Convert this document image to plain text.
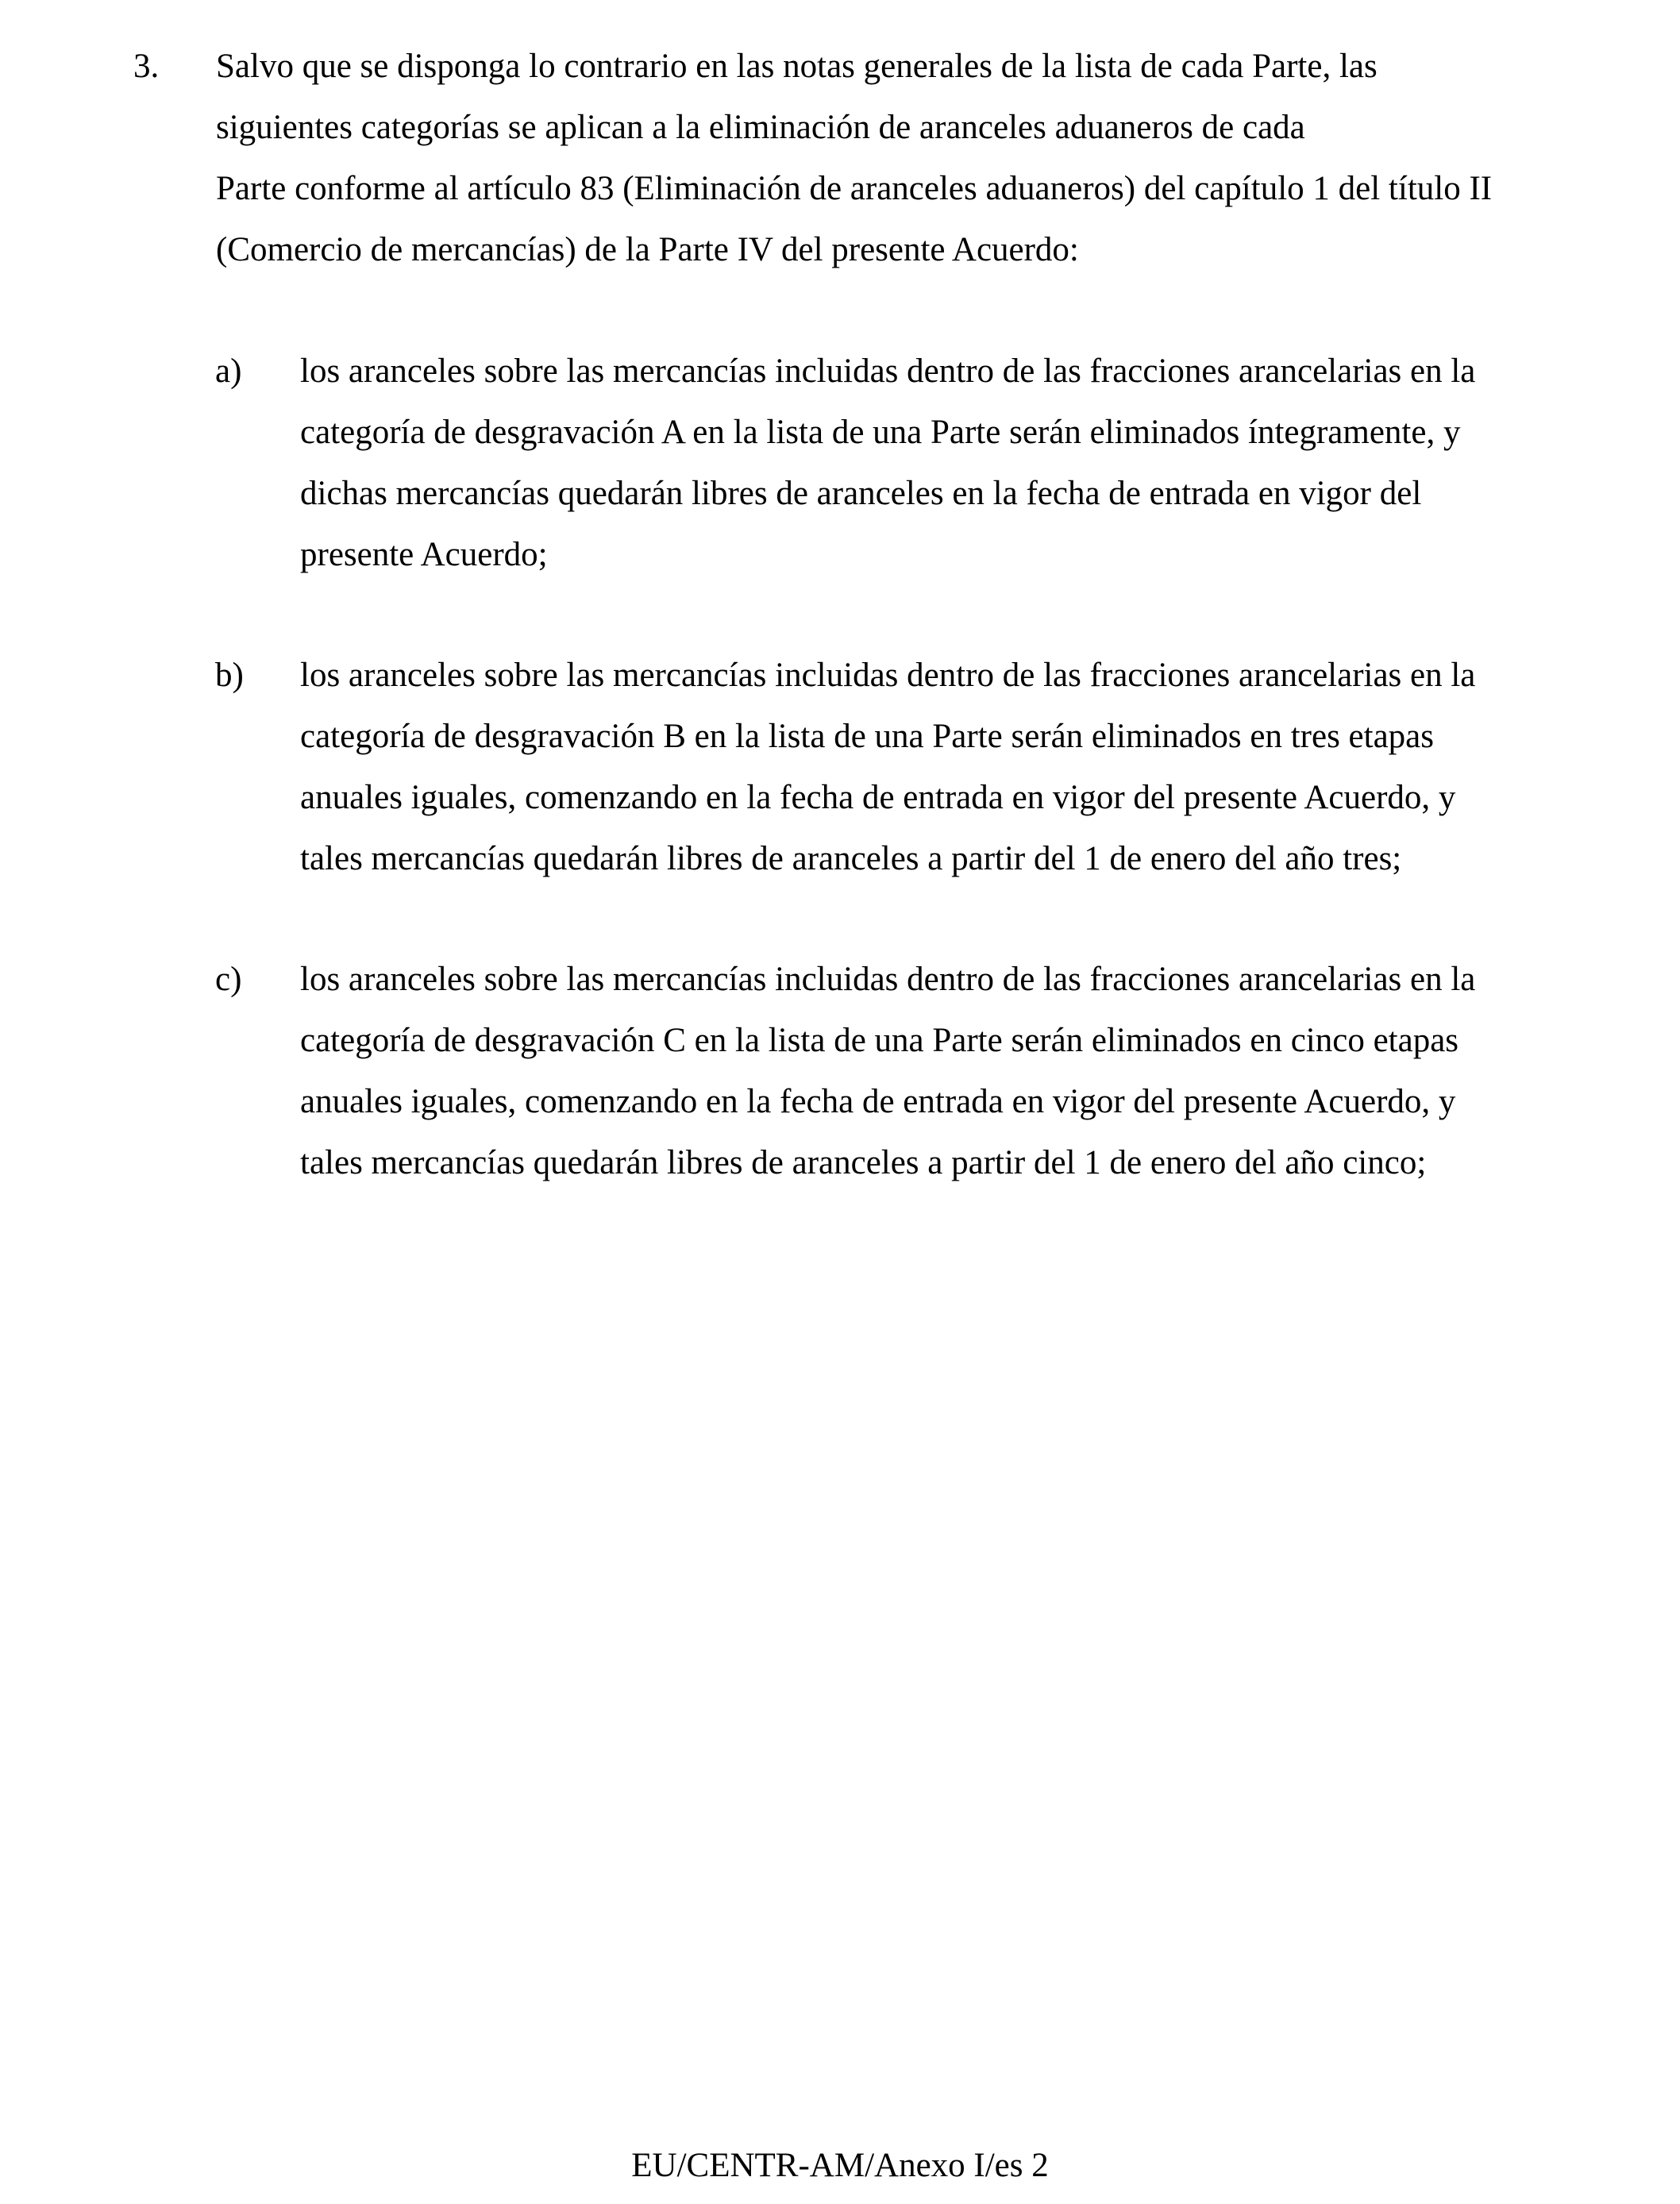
3. Salvo que se disponga lo contrario en las notas generales de la lista de cada Parte, las
siguientes categorías se aplican a la eliminación de aranceles aduaneros de cada
Parte conforme al artículo 83 (Eliminación de aranceles aduaneros) del capítulo 1 del título II
(Comercio de mercancías) de la Parte IV del presente Acuerdo:
a) los aranceles sobre las mercancías incluidas dentro de las fracciones arancelarias en la
categoría de desgravación A en la lista de una Parte serán eliminados íntegramente, y
dichas mercancías quedarán libres de aranceles en la fecha de entrada en vigor del
presente Acuerdo;
b) los aranceles sobre las mercancías incluidas dentro de las fracciones arancelarias en la
categoría de desgravación B en la lista de una Parte serán eliminados en tres etapas
anuales iguales, comenzando en la fecha de entrada en vigor del presente Acuerdo, y
tales mercancías quedarán libres de aranceles a partir del 1 de enero del año tres;
c) los aranceles sobre las mercancías incluidas dentro de las fracciones arancelarias en la
categoría de desgravación C en la lista de una Parte serán eliminados en cinco etapas
anuales iguales, comenzando en la fecha de entrada en vigor del presente Acuerdo, y
tales mercancías quedarán libres de aranceles a partir del 1 de enero del año cinco;
EU/CENTR-AM/Anexo I/es 2
